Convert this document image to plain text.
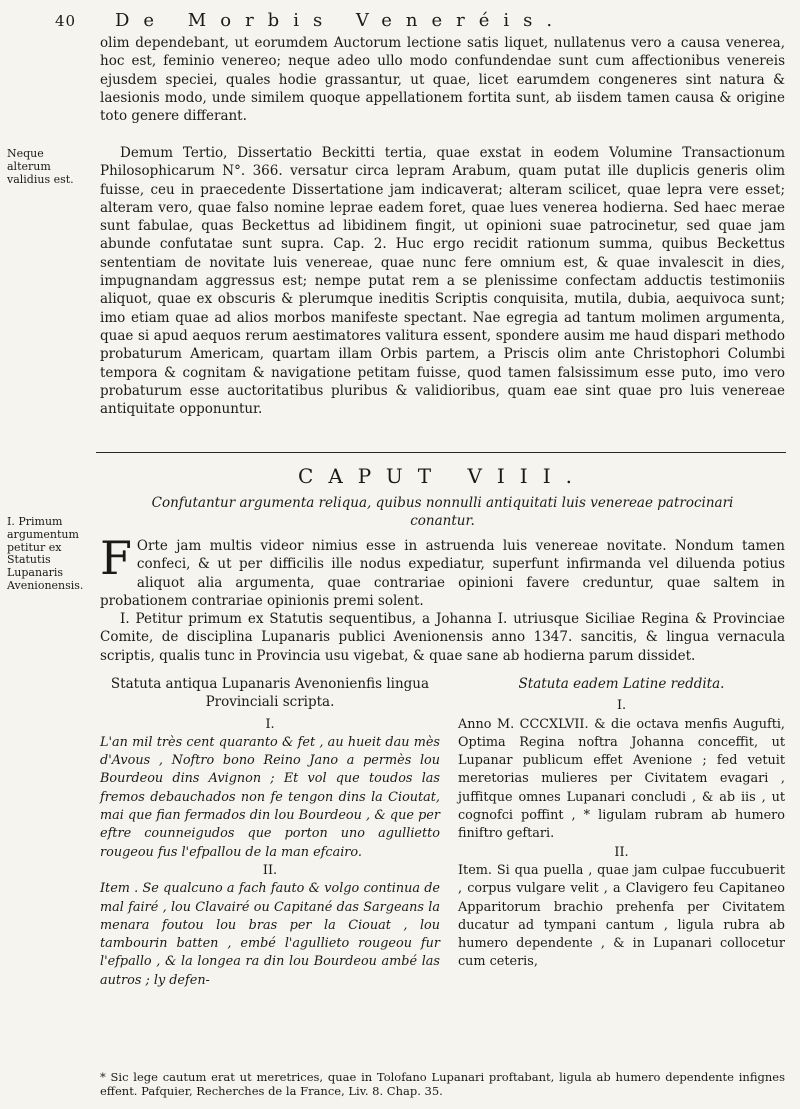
40 De Morbis Veneréis.
Neque alterum validius est.
I. Primum argumentum petitur ex Statutis Lupanaris Avenionensis.

olim dependebant, ut eorumdem Auctorum lectione satis liquet, nullatenus vero a causa venerea, hoc est, feminio venereo; neque adeo ullo modo confundendae sunt cum affectionibus venereis ejusdem speciei, quales hodie grassantur, ut quae, licet earumdem congeneres sint natura & laesionis modo, unde similem quoque appellationem fortita sunt, ab iisdem tamen causa & origine toto genere differant.

Demum Tertio, Dissertatio Beckitti tertia, quae exstat in eodem Volumine Transactionum Philosophicarum N°. 366. versatur circa lepram Arabum, quam putat ille duplicis generis olim fuisse, ceu in praecedente Dissertatione jam indicaverat; alteram scilicet, quae lepra vere esset; alteram vero, quae falso nomine leprae eadem foret, quae lues venerea hodierna. Sed haec merae sunt fabulae, quas Beckettus ad libidinem fingit, ut opinioni suae patrocinetur, sed quae jam abunde confutatae sunt supra. Cap. 2. Huc ergo recidit rationum summa, quibus Beckettus sententiam de novitate luis venereae, quae nunc fere omnium est, & quae invalescit in dies, impugnandam aggressus est; nempe putat rem a se plenissime confectam adductis testimoniis aliquot, quae ex obscuris & plerumque ineditis Scriptis conquisita, mutila, dubia, aequivoca sunt; imo etiam quae ad alios morbos manifeste spectant. Nae egregia ad tantum molimen argumenta, quae si apud aequos rerum aestimatores valitura essent, spondere ausim me haud dispari methodo probaturum Americam, quartam illam Orbis partem, a Priscis olim ante Christophori Columbi tempora & cognitam & navigatione petitam fuisse, quod tamen falsissimum esse puto, imo vero probaturum esse auctoritatibus pluribus & validioribus, quam eae sint quae pro luis venereae antiquitate opponuntur.

CAPUT VIII.
Confutantur argumenta reliqua, quibus nonnulli antiquitati luis venereae patrocinari conantur.
F Orte jam multis videor nimius esse in astruenda luis venereae novitate. Nondum tamen confeci, & ut per difficilis ille nodus expediatur, superfunt infirmanda vel diluenda potius aliquot alia argumenta, quae contrariae opinioni favere creduntur, quae saltem in probationem contrariae opinionis premi solent.
I. Petitur primum ex Statutis sequentibus, a Johanna I. utriusque Siciliae Regina & Provinciae Comite, de disciplina Lupanaris publici Avenionensis anno 1347. sancitis, & lingua vernacula scriptis, qualis tunc in Provincia usu vigebat, & quae sane ab hodierna parum dissidet.
Statuta antiqua Lupanaris Avenonienfis lingua Provinciali scripta.

I.

L'an mil très cent quaranto & fet , au hueit dau mès d'Avous , Noftro bono Reino Jano a permès lou Bourdeou dins Avignon ; Et vol que toudos las fremos debauchados non fe tengon dins la Cioutat, mai que fian fermados din lou Bourdeou , & que per eftre counneigudos que porton uno agullietto rougeou fus l'efpallou de la man efcairo.

II.

Item . Se qualcuno a fach fauto & volgo continua de mal fairé , lou Clavairé ou Capitané das Sargeans la menara foutou lou bras per la Ciouat , lou tambourin batten , embé l'agullieto rougeou fur l'efpallo , & la longea ra din lou Bourdeou ambé las autros ; ly defen-

Statuta eadem Latine reddita.

I.

Anno M. CCCXLVII. & die octava menfis Augufti, Optima Regina noftra Johanna conceffit, ut Lupanar publicum effet Avenione ; fed vetuit meretorias mulieres per Civitatem evagari , juffitque omnes Lupanari concludi , & ab iis , ut cognofci poffint , * ligulam rubram ab humero finiftro geftari.

II.

Item. Si qua puella , quae jam culpae fuccubuerit , corpus vulgare velit , a Clavigero feu Capitaneo Apparitorum brachio prehenfa per Civitatem ducatur ad tympani cantum , ligula rubra ab humero dependente , & in Lupanari collocetur cum ceteris,

* Sic lege cautum erat ut meretrices, quae in Tolofano Lupanari proftabant, ligula ab humero dependente infignes effent. Pafquier, Recherches de la France, Liv. 8. Chap. 35.
